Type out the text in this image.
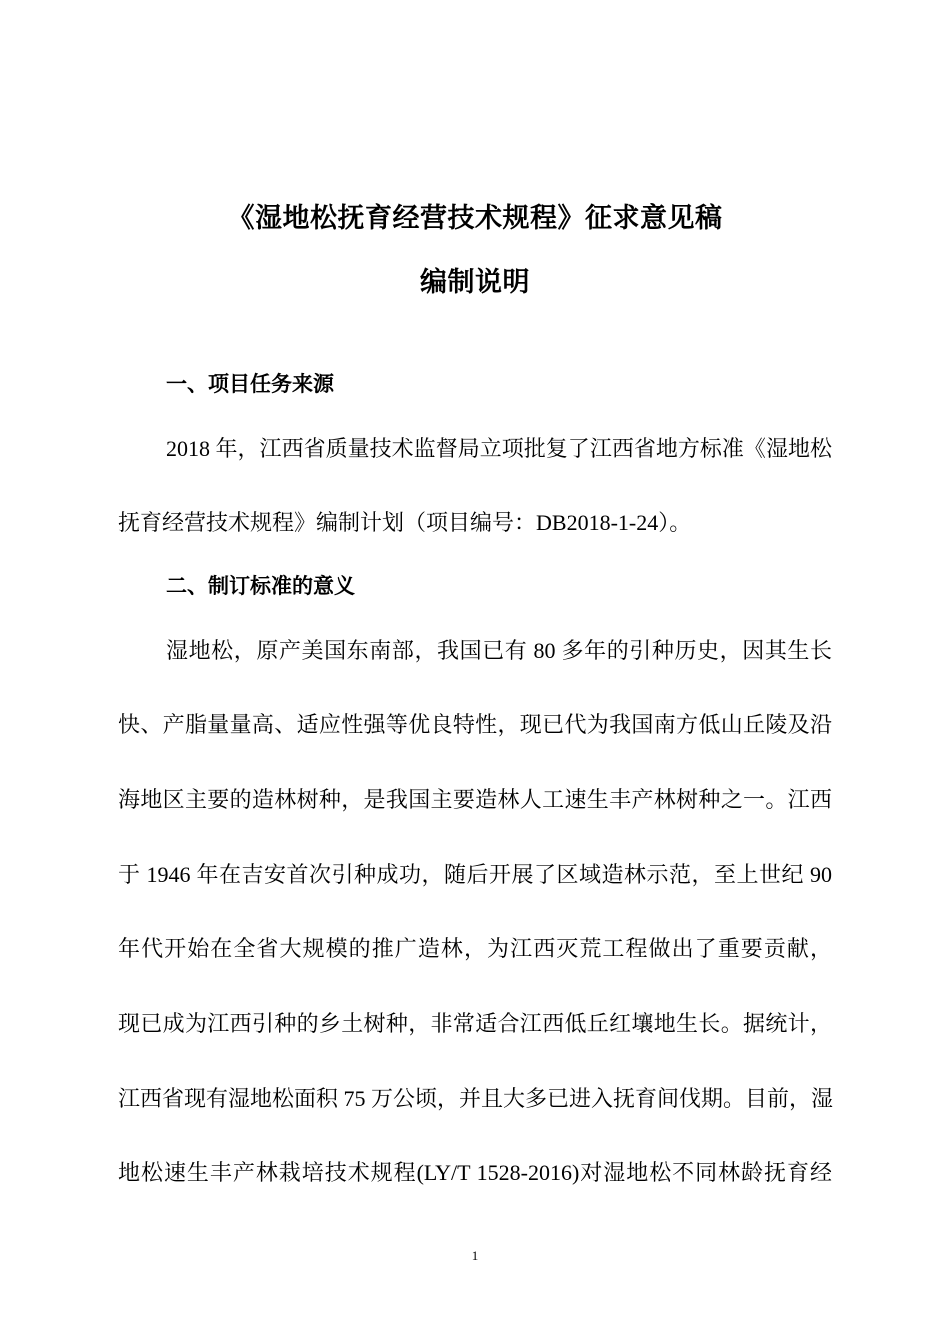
《湿地松抚育经营技术规程》征求意见稿
编制说明
一、项目任务来源
2018 年，江西省质量技术监督局立项批复了江西省地方标准《湿地松
抚育经营技术规程》编制计划（项目编号：DB2018-1-24）。
二、制订标准的意义
湿地松，原产美国东南部，我国已有 80 多年的引种历史，因其生长
快、产脂量量高、适应性强等优良特性，现已代为我国南方低山丘陵及沿
海地区主要的造林树种，是我国主要造林人工速生丰产林树种之一。江西
于 1946 年在吉安首次引种成功，随后开展了区域造林示范，至上世纪 90
年代开始在全省大规模的推广造林，为江西灭荒工程做出了重要贡献，
现已成为江西引种的乡土树种，非常适合江西低丘红壤地生长。据统计，
江西省现有湿地松面积 75 万公顷，并且大多已进入抚育间伐期。目前，湿
地松速生丰产林栽培技术规程(LY/T 1528-2016)对湿地松不同林龄抚育经
1
